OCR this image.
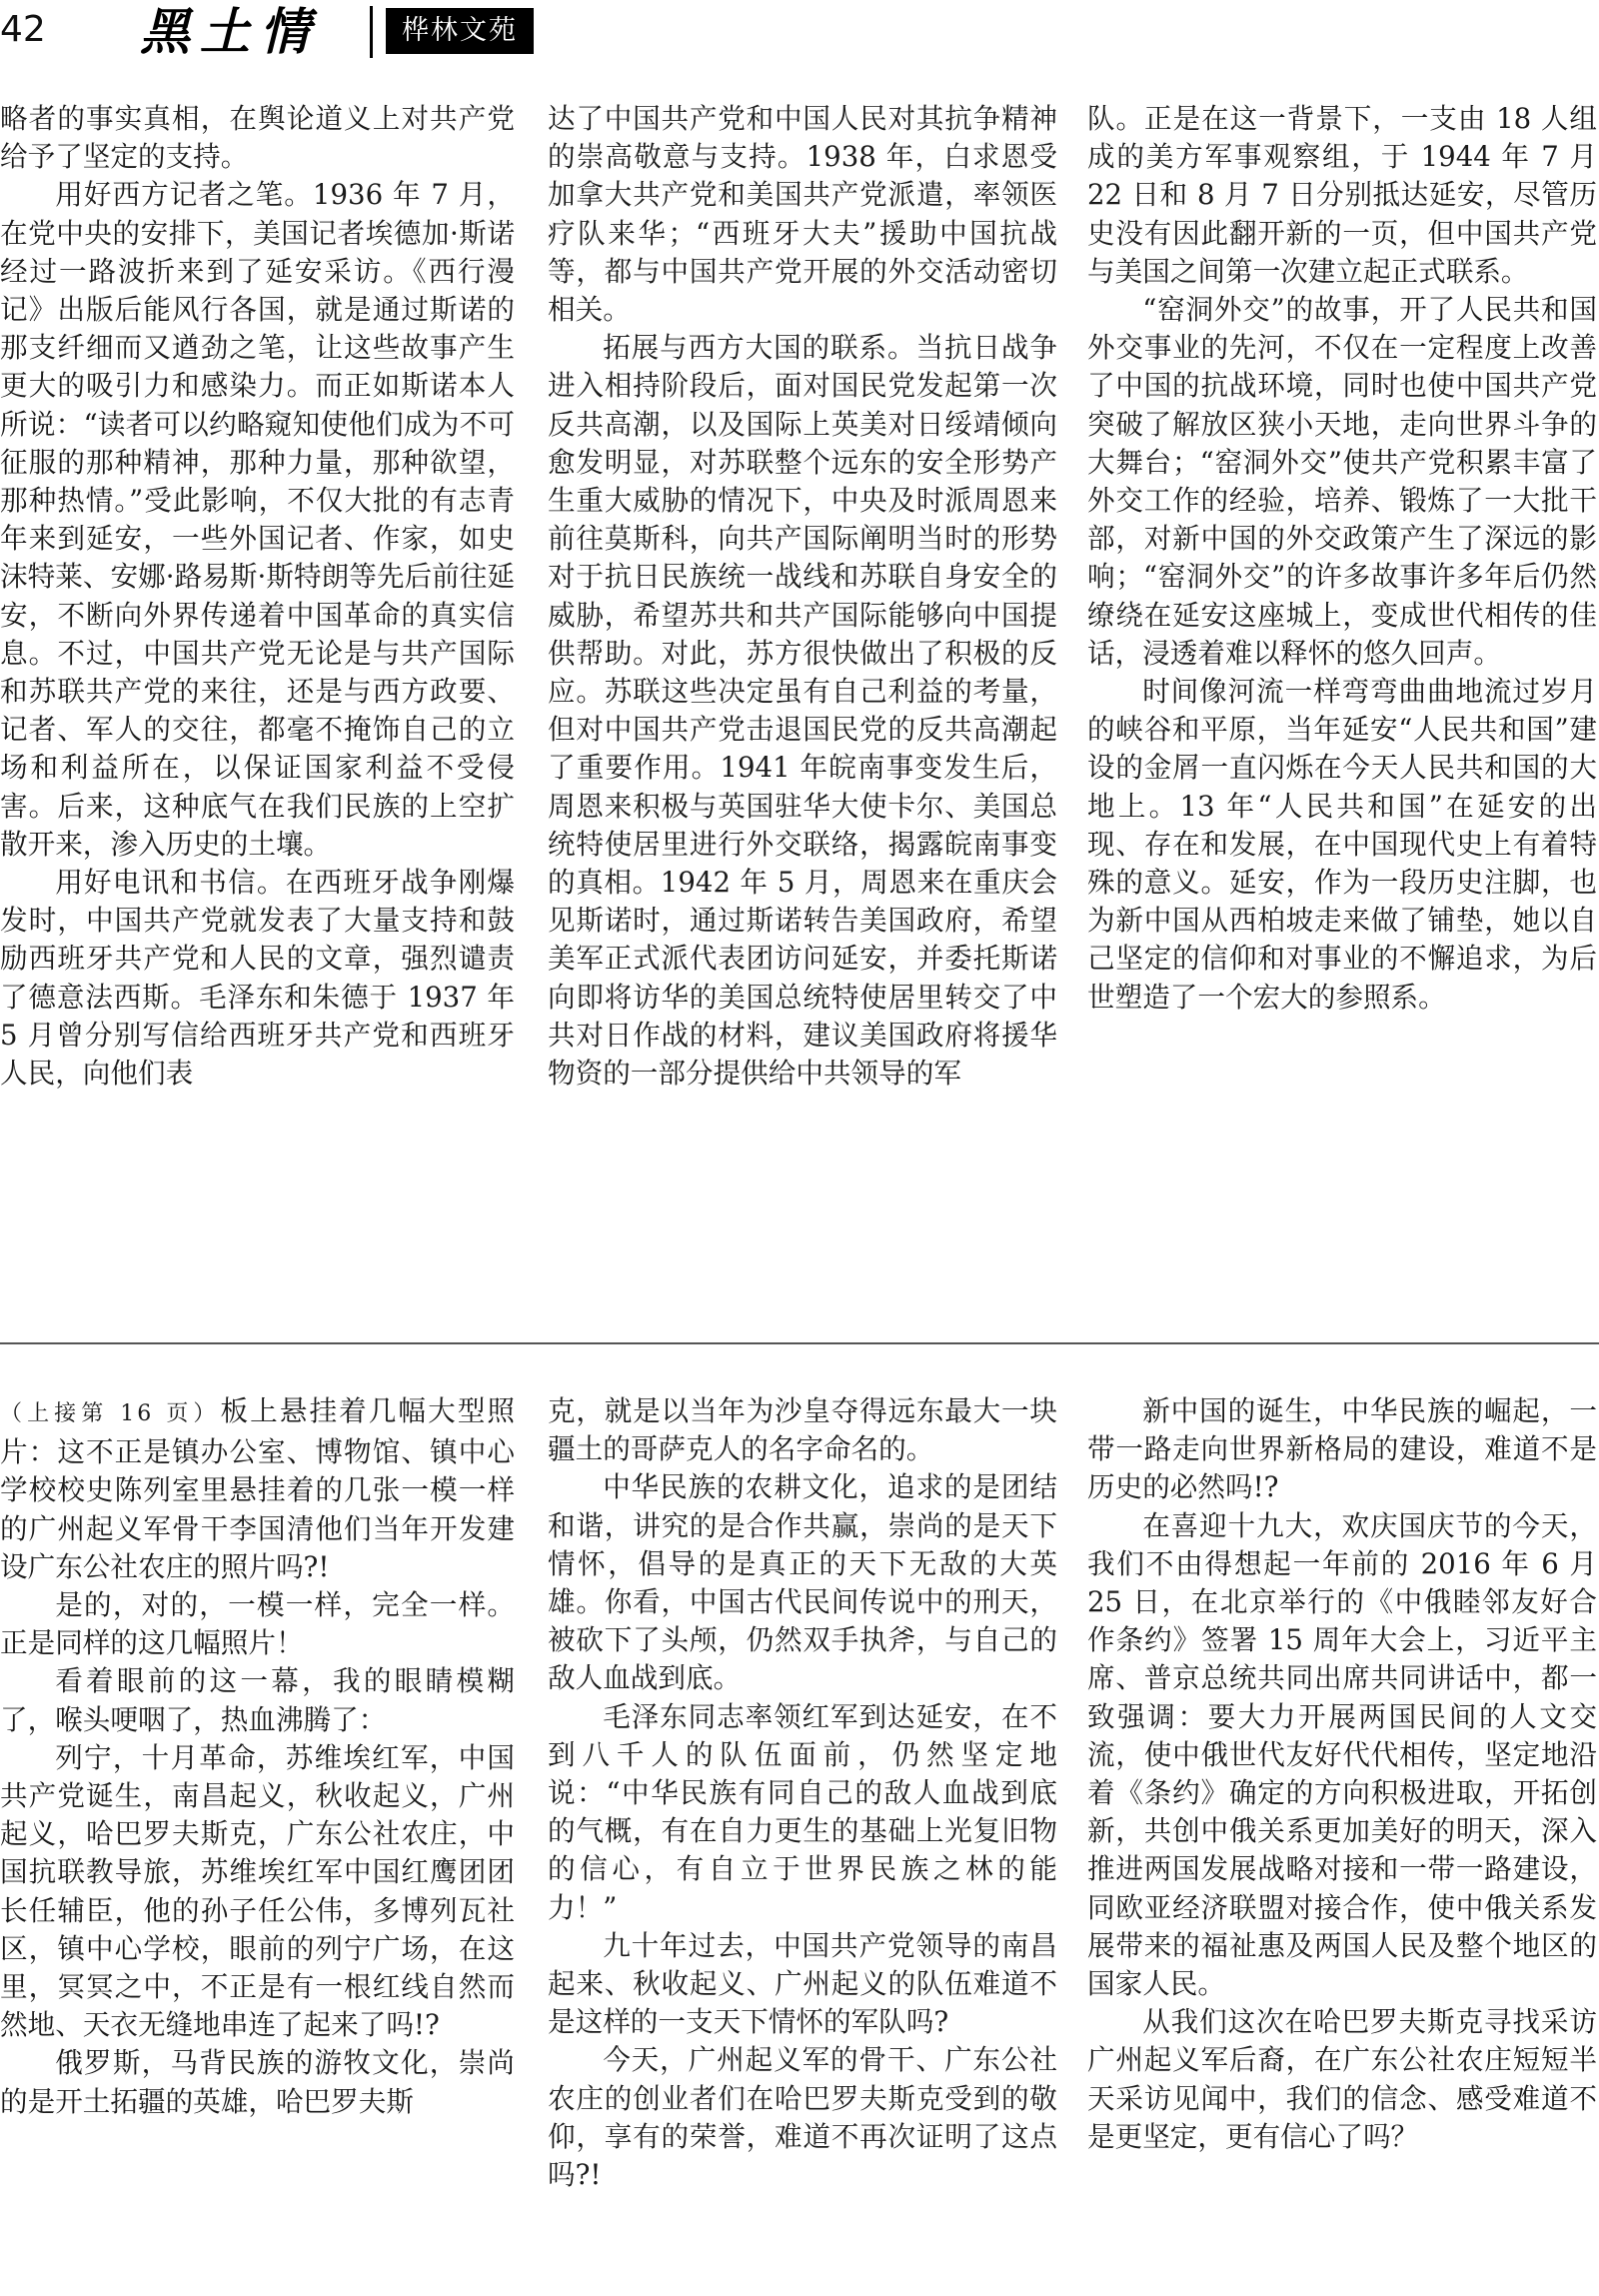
42 黑土情	桦林文苑

略者的事实真相，在舆论道义上对共产党给予了坚定的支持。

用好西方记者之笔。1936 年 7 月，在党中央的安排下，美国记者埃德加·斯诺经过一路波折来到了延安采访。《西行漫记》出版后能风行各国，就是通过斯诺的那支纤细而又遒劲之笔，让这些故事产生更大的吸引力和感染力。而正如斯诺本人所说：“读者可以约略窥知使他们成为不可征服的那种精神，那种力量，那种欲望，那种热情。”受此影响，不仅大批的有志青年来到延安，一些外国记者、作家，如史沫特莱、安娜·路易斯·斯特朗等先后前往延安，不断向外界传递着中国革命的真实信息。不过，中国共产党无论是与共产国际和苏联共产党的来往，还是与西方政要、记者、军人的交往，都毫不掩饰自己的立场和利益所在，以保证国家利益不受侵害。后来，这种底气在我们民族的上空扩散开来，渗入历史的土壤。

用好电讯和书信。在西班牙战争刚爆发时，中国共产党就发表了大量支持和鼓励西班牙共产党和人民的文章，强烈谴责了德意法西斯。毛泽东和朱德于 1937 年 5 月曾分别写信给西班牙共产党和西班牙人民，向他们表

达了中国共产党和中国人民对其抗争精神的崇高敬意与支持。1938 年，白求恩受加拿大共产党和美国共产党派遣，率领医疗队来华；“西班牙大夫”援助中国抗战等，都与中国共产党开展的外交活动密切相关。

拓展与西方大国的联系。当抗日战争进入相持阶段后，面对国民党发起第一次反共高潮，以及国际上英美对日绥靖倾向愈发明显，对苏联整个远东的安全形势产生重大威胁的情况下，中央及时派周恩来前往莫斯科，向共产国际阐明当时的形势对于抗日民族统一战线和苏联自身安全的威胁，希望苏共和共产国际能够向中国提供帮助。对此，苏方很快做出了积极的反应。苏联这些决定虽有自己利益的考量，但对中国共产党击退国民党的反共高潮起了重要作用。1941 年皖南事变发生后，周恩来积极与英国驻华大使卡尔、美国总统特使居里进行外交联络，揭露皖南事变的真相。1942 年 5 月，周恩来在重庆会见斯诺时，通过斯诺转告美国政府，希望美军正式派代表团访问延安，并委托斯诺向即将访华的美国总统特使居里转交了中共对日作战的材料，建议美国政府将援华物资的一部分提供给中共领导的军

队。正是在这一背景下，一支由 18 人组成的美方军事观察组，于 1944 年 7 月 22 日和 8 月 7 日分别抵达延安，尽管历史没有因此翻开新的一页，但中国共产党与美国之间第一次建立起正式联系。

“窑洞外交”的故事，开了人民共和国外交事业的先河，不仅在一定程度上改善了中国的抗战环境，同时也使中国共产党突破了解放区狭小天地，走向世界斗争的大舞台；“窑洞外交”使共产党积累丰富了外交工作的经验，培养、锻炼了一大批干部，对新中国的外交政策产生了深远的影响；“窑洞外交”的许多故事许多年后仍然缭绕在延安这座城上，变成世代相传的佳话，浸透着难以释怀的悠久回声。

时间像河流一样弯弯曲曲地流过岁月的峡谷和平原，当年延安“人民共和国”建设的金屑一直闪烁在今天人民共和国的大地上。13 年“人民共和国”在延安的出现、存在和发展，在中国现代史上有着特殊的意义。延安，作为一段历史注脚，也为新中国从西柏坡走来做了铺垫，她以自己坚定的信仰和对事业的不懈追求，为后世塑造了一个宏大的参照系。

（上接第 16 页）板上悬挂着几幅大型照片：这不正是镇办公室、博物馆、镇中心学校校史陈列室里悬挂着的几张一模一样的广州起义军骨干李国清他们当年开发建设广东公社农庄的照片吗?!

是的，对的，一模一样，完全一样。正是同样的这几幅照片！

看着眼前的这一幕，我的眼睛模糊了，喉头哽咽了，热血沸腾了：

列宁，十月革命，苏维埃红军，中国共产党诞生，南昌起义，秋收起义，广州起义，哈巴罗夫斯克，广东公社农庄，中国抗联教导旅，苏维埃红军中国红鹰团团长任辅臣，他的孙子任公伟，多博列瓦社区，镇中心学校，眼前的列宁广场，在这里，冥冥之中，不正是有一根红线自然而然地、天衣无缝地串连了起来了吗!?

俄罗斯，马背民族的游牧文化，崇尚的是开土拓疆的英雄，哈巴罗夫斯

克，就是以当年为沙皇夺得远东最大一块疆土的哥萨克人的名字命名的。

中华民族的农耕文化，追求的是团结和谐，讲究的是合作共赢，崇尚的是天下情怀，倡导的是真正的天下无敌的大英雄。你看，中国古代民间传说中的刑天，被砍下了头颅，仍然双手执斧，与自己的敌人血战到底。

毛泽东同志率领红军到达延安，在不到八千人的队伍面前，仍然坚定地说：“中华民族有同自己的敌人血战到底的气概，有在自力更生的基础上光复旧物的信心，有自立于世界民族之林的能力！”

九十年过去，中国共产党领导的南昌起来、秋收起义、广州起义的队伍难道不是这样的一支天下情怀的军队吗?

今天，广州起义军的骨干、广东公社农庄的创业者们在哈巴罗夫斯克受到的敬仰，享有的荣誉，难道不再次证明了这点吗?!

新中国的诞生，中华民族的崛起，一带一路走向世界新格局的建设，难道不是历史的必然吗!?

在喜迎十九大，欢庆国庆节的今天，我们不由得想起一年前的 2016 年 6 月 25 日，在北京举行的《中俄睦邻友好合作条约》签署 15 周年大会上，习近平主席、普京总统共同出席共同讲话中，都一致强调：要大力开展两国民间的人文交流，使中俄世代友好代代相传，坚定地沿着《条约》确定的方向积极进取，开拓创新，共创中俄关系更加美好的明天，深入推进两国发展战略对接和一带一路建设，同欧亚经济联盟对接合作，使中俄关系发展带来的福祉惠及两国人民及整个地区的国家人民。

从我们这次在哈巴罗夫斯克寻找采访广州起义军后裔，在广东公社农庄短短半天采访见闻中，我们的信念、感受难道不是更坚定，更有信心了吗？
